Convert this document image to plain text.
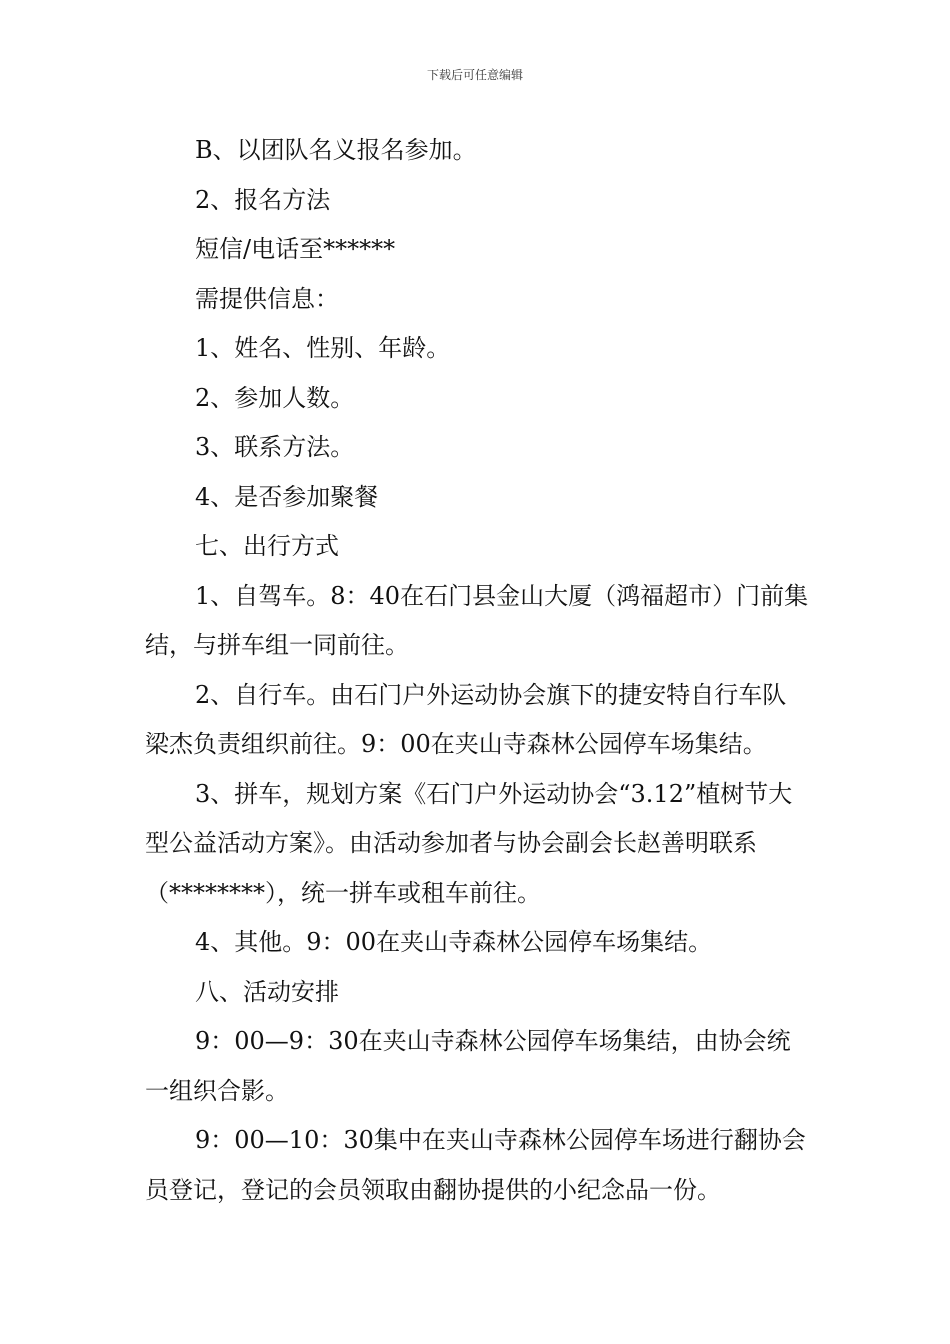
下载后可任意编辑

B、以团队名义报名参加。

2、报名方法

短信/电话至******

需提供信息：

1、姓名、性别、年龄。

2、参加人数。

3、联系方法。

4、是否参加聚餐

七、出行方式

1、自驾车。8：40在石门县金山大厦（鸿福超市）门前集结，与拼车组一同前往。

2、自行车。由石门户外运动协会旗下的捷安特自行车队梁杰负责组织前往。9：00在夹山寺森林公园停车场集结。

3、拼车，规划方案《石门户外运动协会“3.12”植树节大型公益活动方案》。由活动参加者与协会副会长赵善明联系（********），统一拼车或租车前往。

4、其他。9：00在夹山寺森林公园停车场集结。

八、活动安排

9：00—9：30在夹山寺森林公园停车场集结，由协会统一组织合影。

9：00—10：30集中在夹山寺森林公园停车场进行翻协会员登记，登记的会员领取由翻协提供的小纪念品一份。
